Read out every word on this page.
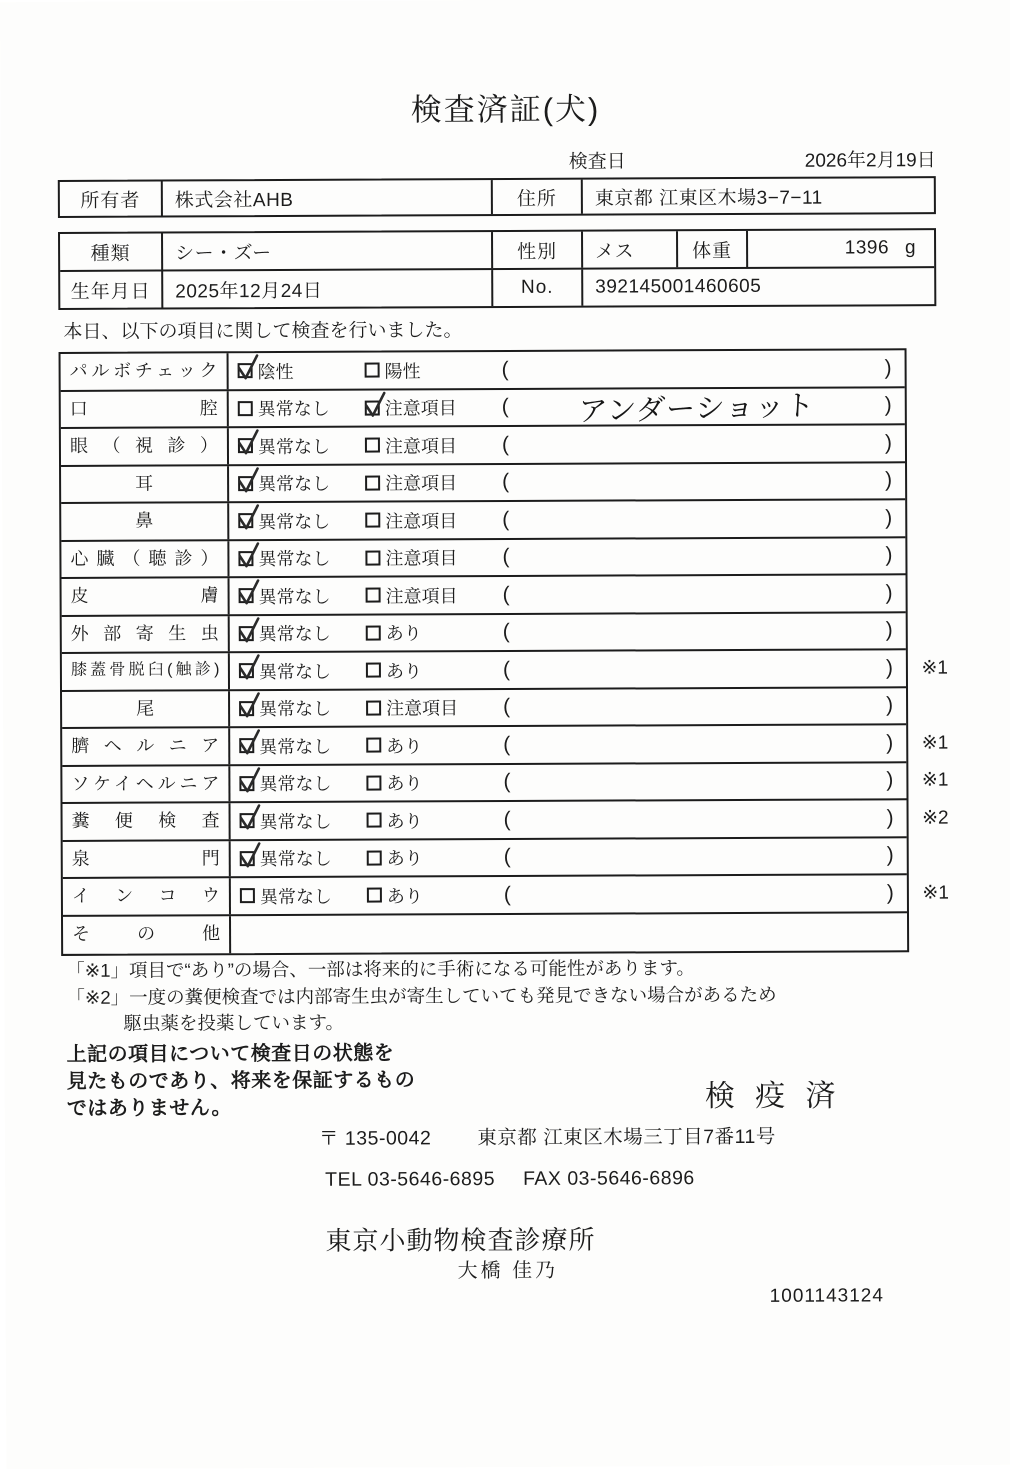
検査済証(犬)
検査日	2026年2月19日
所有者	株式会社AHB	住所	東京都 江東区木場3−7−11
種類	シー・ズー	性別	メス	体重	1396 g
生年月日	2025年12月24日	No.	392145001460605

本日、以下の項目に関して検査を行いました。

パルボチェック	陰性	陽性	(	)
口腔	異常なし	注意項目 (	アンダーショット	)
眼（視診）	異常なし	注意項目 (	)
耳	異常なし	注意項目 (	)
鼻	異常なし	注意項目 (	)
心臓（聴診）	異常なし	注意項目 (	)
皮膚	異常なし	注意項目 (	)
外部寄生虫	異常なし	あり	(	)
膝蓋骨脱臼(触診)	異常なし	あり	(	) ※1
尾	異常なし	注意項目 (	)
臍ヘルニア	異常なし	あり	(	) ※1
ソケイヘルニア	異常なし	あり	(	) ※1
糞便検査	異常なし	あり	(	) ※2
泉門	異常なし	あり	(	)
インコウ	異常なし	あり	(	) ※1
その他
「※1」項目で“あり”の場合、一部は将来的に手術になる可能性があります。
「※2」一度の糞便検査では内部寄生虫が寄生していても発見できない場合があるため
駆虫薬を投薬しています。
上記の項目について検査日の状態を
見たものであり、将来を保証するもの
ではありません。	検 疫 済
〒 135-0042 東京都 江東区木場三丁目7番11号
TEL 03-5646-6895 FAX 03-5646-6896
東京小動物検査診療所
大橋 佳乃
1001143124
